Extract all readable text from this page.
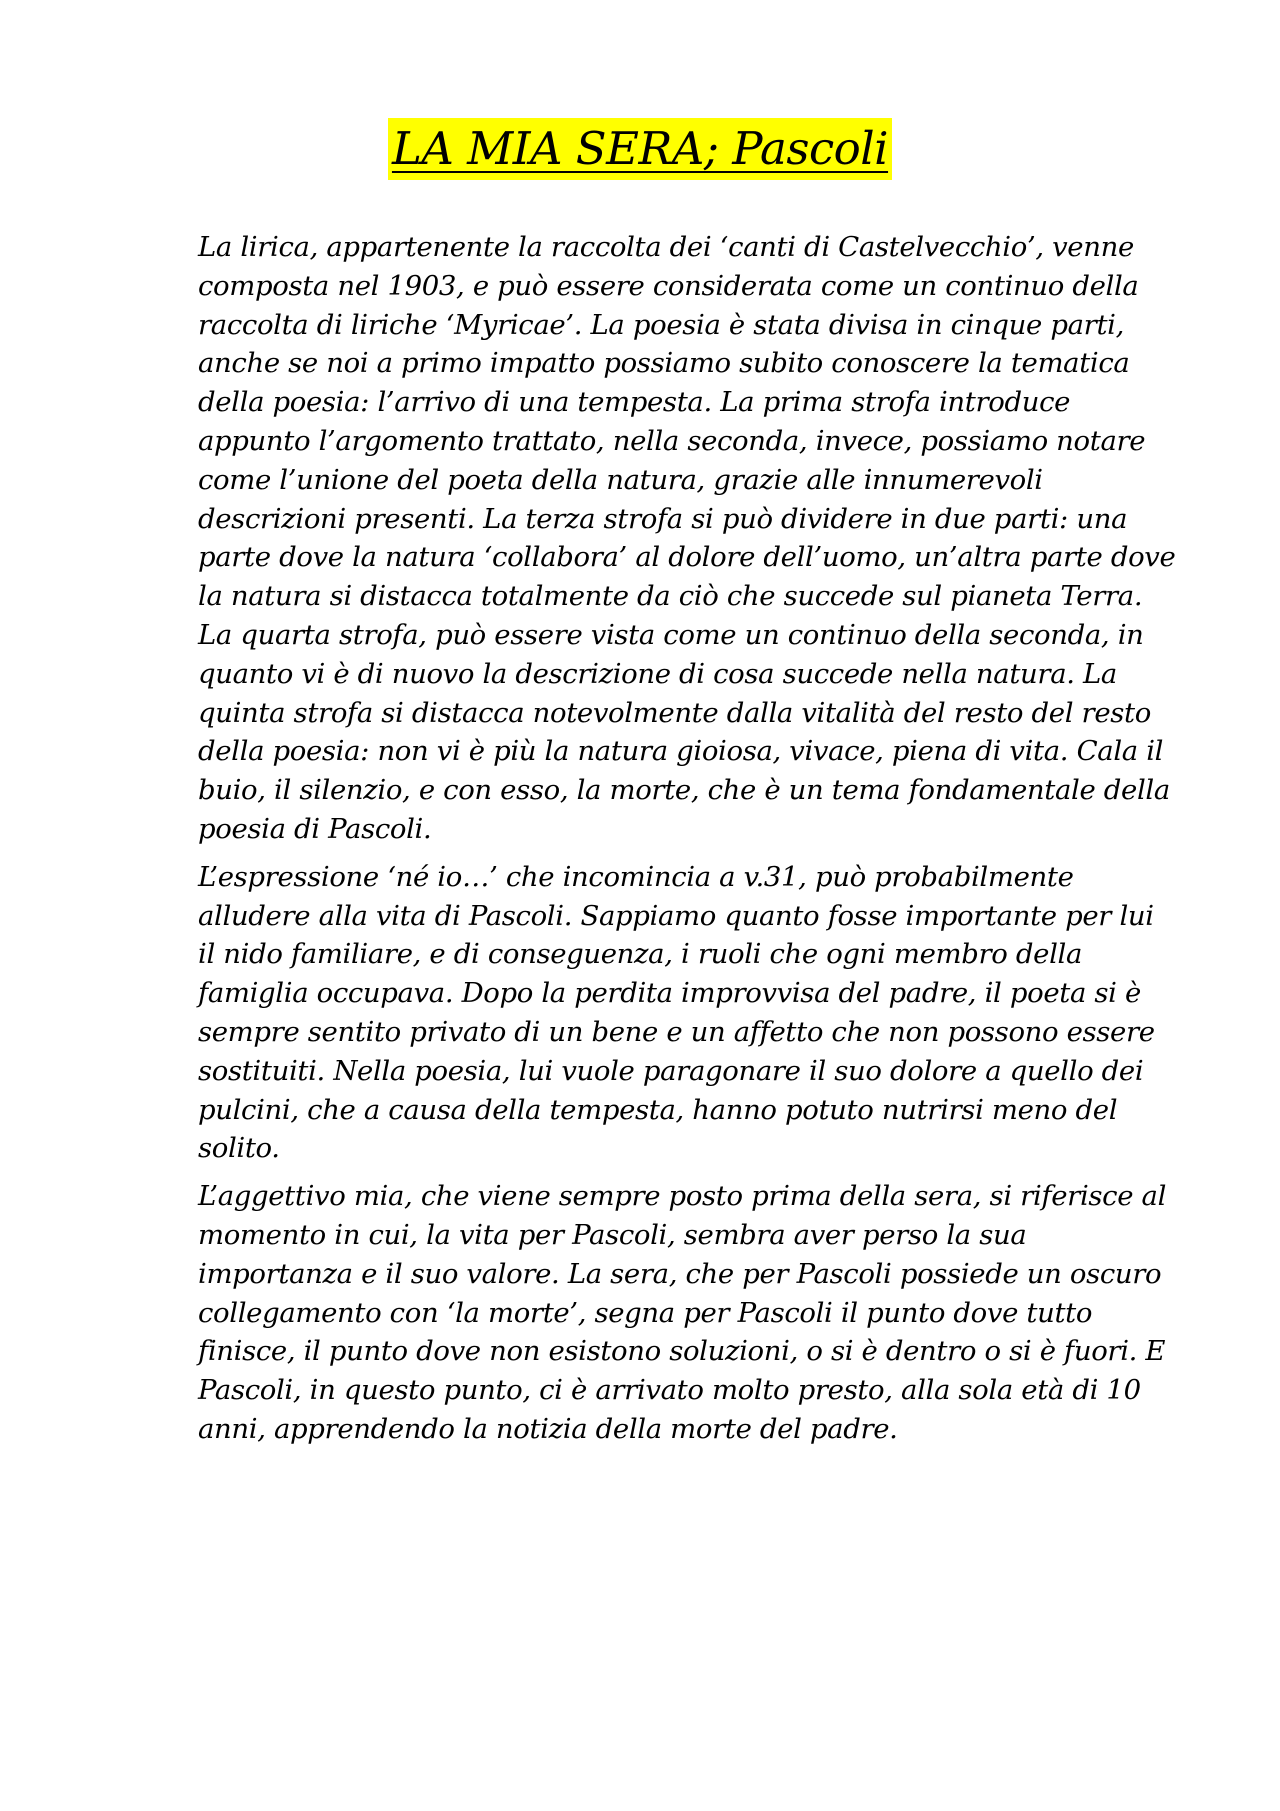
LA MIA SERA; Pascoli

La lirica, appartenente la raccolta dei ‘canti di Castelvecchio’, venne composta nel 1903, e può essere considerata come un continuo della raccolta di liriche ‘Myricae’. La poesia è stata divisa in cinque parti, anche se noi a primo impatto possiamo subito conoscere la tematica della poesia: l’arrivo di una tempesta. La prima strofa introduce appunto l’argomento trattato, nella seconda, invece, possiamo notare come l’unione del poeta della natura, grazie alle innumerevoli descrizioni presenti. La terza strofa si può dividere in due parti: una parte dove la natura ‘collabora’ al dolore dell’uomo, un’altra parte dove la natura si distacca totalmente da ciò che succede sul pianeta Terra. La quarta strofa, può essere vista come un continuo della seconda, in quanto vi è di nuovo la descrizione di cosa succede nella natura. La quinta strofa si distacca notevolmente dalla vitalità del resto del resto della poesia: non vi è più la natura gioiosa, vivace, piena di vita. Cala il buio, il silenzio, e con esso, la morte, che è un tema fondamentale della poesia di Pascoli.

L’espressione ‘né io…’ che incomincia a v.31, può probabilmente alludere alla vita di Pascoli. Sappiamo quanto fosse importante per lui il nido familiare, e di conseguenza, i ruoli che ogni membro della famiglia occupava. Dopo la perdita improvvisa del padre, il poeta si è sempre sentito privato di un bene e un affetto che non possono essere sostituiti. Nella poesia, lui vuole paragonare il suo dolore a quello dei pulcini, che a causa della tempesta, hanno potuto nutrirsi meno del solito.

L’aggettivo mia, che viene sempre posto prima della sera, si riferisce al momento in cui, la vita per Pascoli, sembra aver perso la sua importanza e il suo valore. La sera, che per Pascoli possiede un oscuro collegamento con ‘la morte’, segna per Pascoli il punto dove tutto finisce, il punto dove non esistono soluzioni, o si è dentro o si è fuori. E Pascoli, in questo punto, ci è arrivato molto presto, alla sola età di 10 anni, apprendendo la notizia della morte del padre.
